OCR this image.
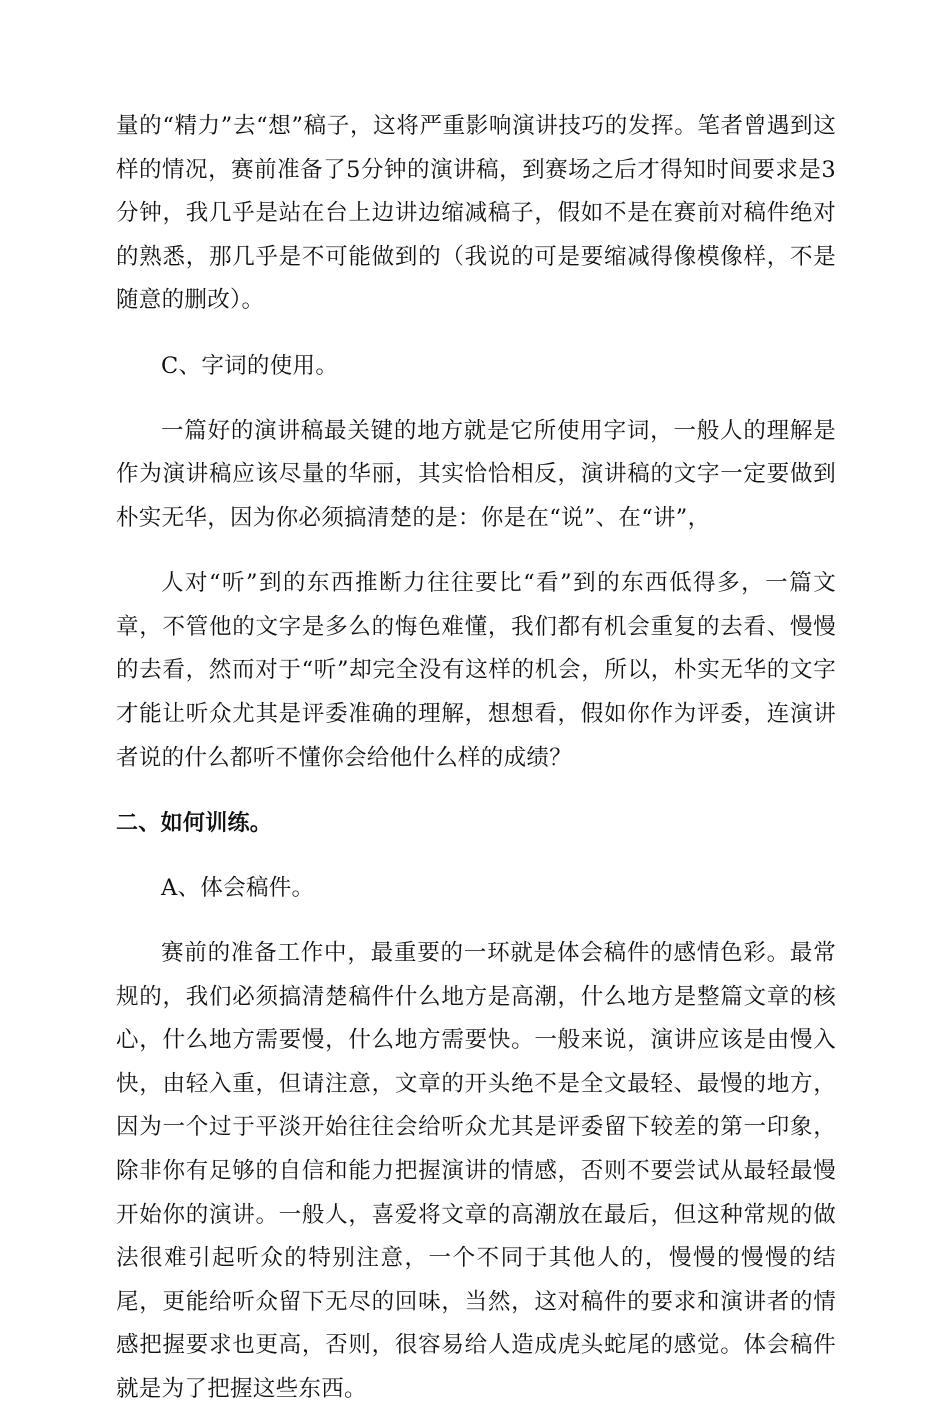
量的“精力”去“想”稿子，这将严重影响演讲技巧的发挥。笔者曾遇到这样的情况，赛前准备了5分钟的演讲稿，到赛场之后才得知时间要求是3分钟，我几乎是站在台上边讲边缩减稿子，假如不是在赛前对稿件绝对的熟悉，那几乎是不可能做到的（我说的可是要缩减得像模像样，不是随意的删改）。

C、字词的使用。

一篇好的演讲稿最关键的地方就是它所使用字词，一般人的理解是作为演讲稿应该尽量的华丽，其实恰恰相反，演讲稿的文字一定要做到朴实无华，因为你必须搞清楚的是：你是在“说”、在“讲”，

人对“听”到的东西推断力往往要比“看”到的东西低得多，一篇文章，不管他的文字是多么的悔色难懂，我们都有机会重复的去看、慢慢的去看，然而对于“听”却完全没有这样的机会，所以，朴实无华的文字才能让听众尤其是评委准确的理解，想想看，假如你作为评委，连演讲者说的什么都听不懂你会给他什么样的成绩？

二、如何训练。

A、体会稿件。

赛前的准备工作中，最重要的一环就是体会稿件的感情色彩。最常规的，我们必须搞清楚稿件什么地方是高潮，什么地方是整篇文章的核心，什么地方需要慢，什么地方需要快。一般来说，演讲应该是由慢入快，由轻入重，但请注意，文章的开头绝不是全文最轻、最慢的地方，因为一个过于平淡开始往往会给听众尤其是评委留下较差的第一印象，除非你有足够的自信和能力把握演讲的情感，否则不要尝试从最轻最慢开始你的演讲。一般人，喜爱将文章的高潮放在最后，但这种常规的做法很难引起听众的特别注意，一个不同于其他人的，慢慢的慢慢的结尾，更能给听众留下无尽的回味，当然，这对稿件的要求和演讲者的情感把握要求也更高，否则，很容易给人造成虎头蛇尾的感觉。体会稿件就是为了把握这些东西。
